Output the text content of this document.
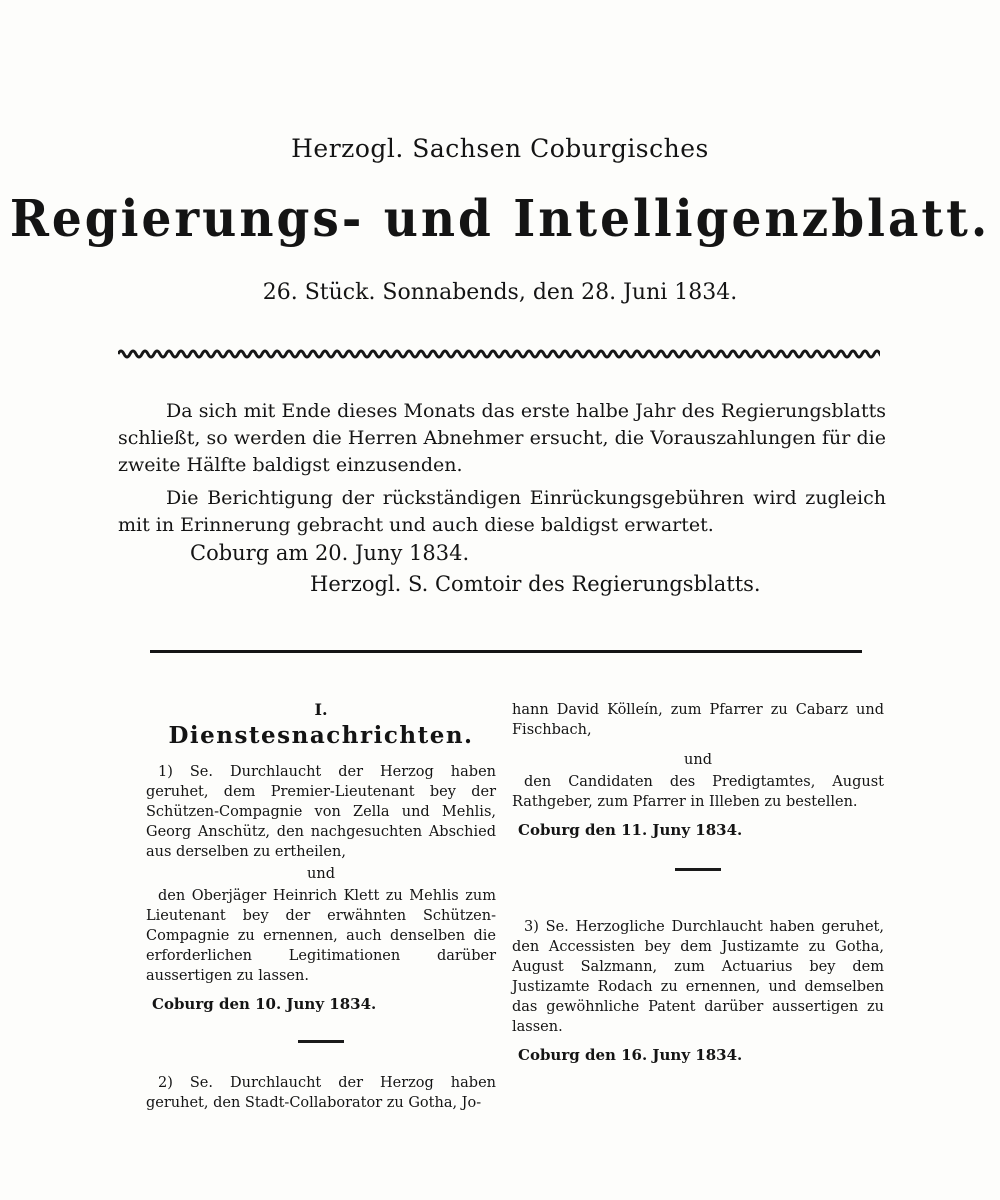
Herzogl. Sachsen Coburgisches
Regierungs- und Intelligenzblatt.
26. Stück. Sonnabends, den 28. Juni 1834.
Da sich mit Ende dieses Monats das erste halbe Jahr des Regierungsblatts schließt, so werden die Herren Abnehmer ersucht, die Vorauszahlungen für die zweite Hälfte baldigst einzusenden.
Die Berichtigung der rückständigen Einrückungsgebühren wird zugleich mit in Erinnerung gebracht und auch diese baldigst erwartet.
Coburg am 20. Juny 1834.
Herzogl. S. Comtoir des Regierungsblatts.
I.
Dienstesnachrichten.
1) Se. Durchlaucht der Herzog haben geruhet, dem Premier-Lieutenant bey der Schützen-Compagnie von Zella und Mehlis, Georg Anschütz, den nachgesuchten Abschied aus derselben zu ertheilen,
und
den Oberjäger Heinrich Klett zu Mehlis zum Lieutenant bey der erwähnten Schützen-Compagnie zu ernennen, auch denselben die erforderlichen Legitimationen darüber aussertigen zu lassen.
Coburg den 10. Juny 1834.
2) Se. Durchlaucht der Herzog haben geruhet, den Stadt-Collaborator zu Gotha, Jo-
hann David Kölleín, zum Pfarrer zu Cabarz und Fischbach,
und
den Candidaten des Predigtamtes, August Rathgeber, zum Pfarrer in Illeben zu bestellen.
Coburg den 11. Juny 1834.
3) Se. Herzogliche Durchlaucht haben geruhet, den Accessisten bey dem Justizamte zu Gotha, August Salzmann, zum Actuarius bey dem Justizamte Rodach zu ernennen, und demselben das gewöhnliche Patent darüber aussertigen zu lassen.
Coburg den 16. Juny 1834.
